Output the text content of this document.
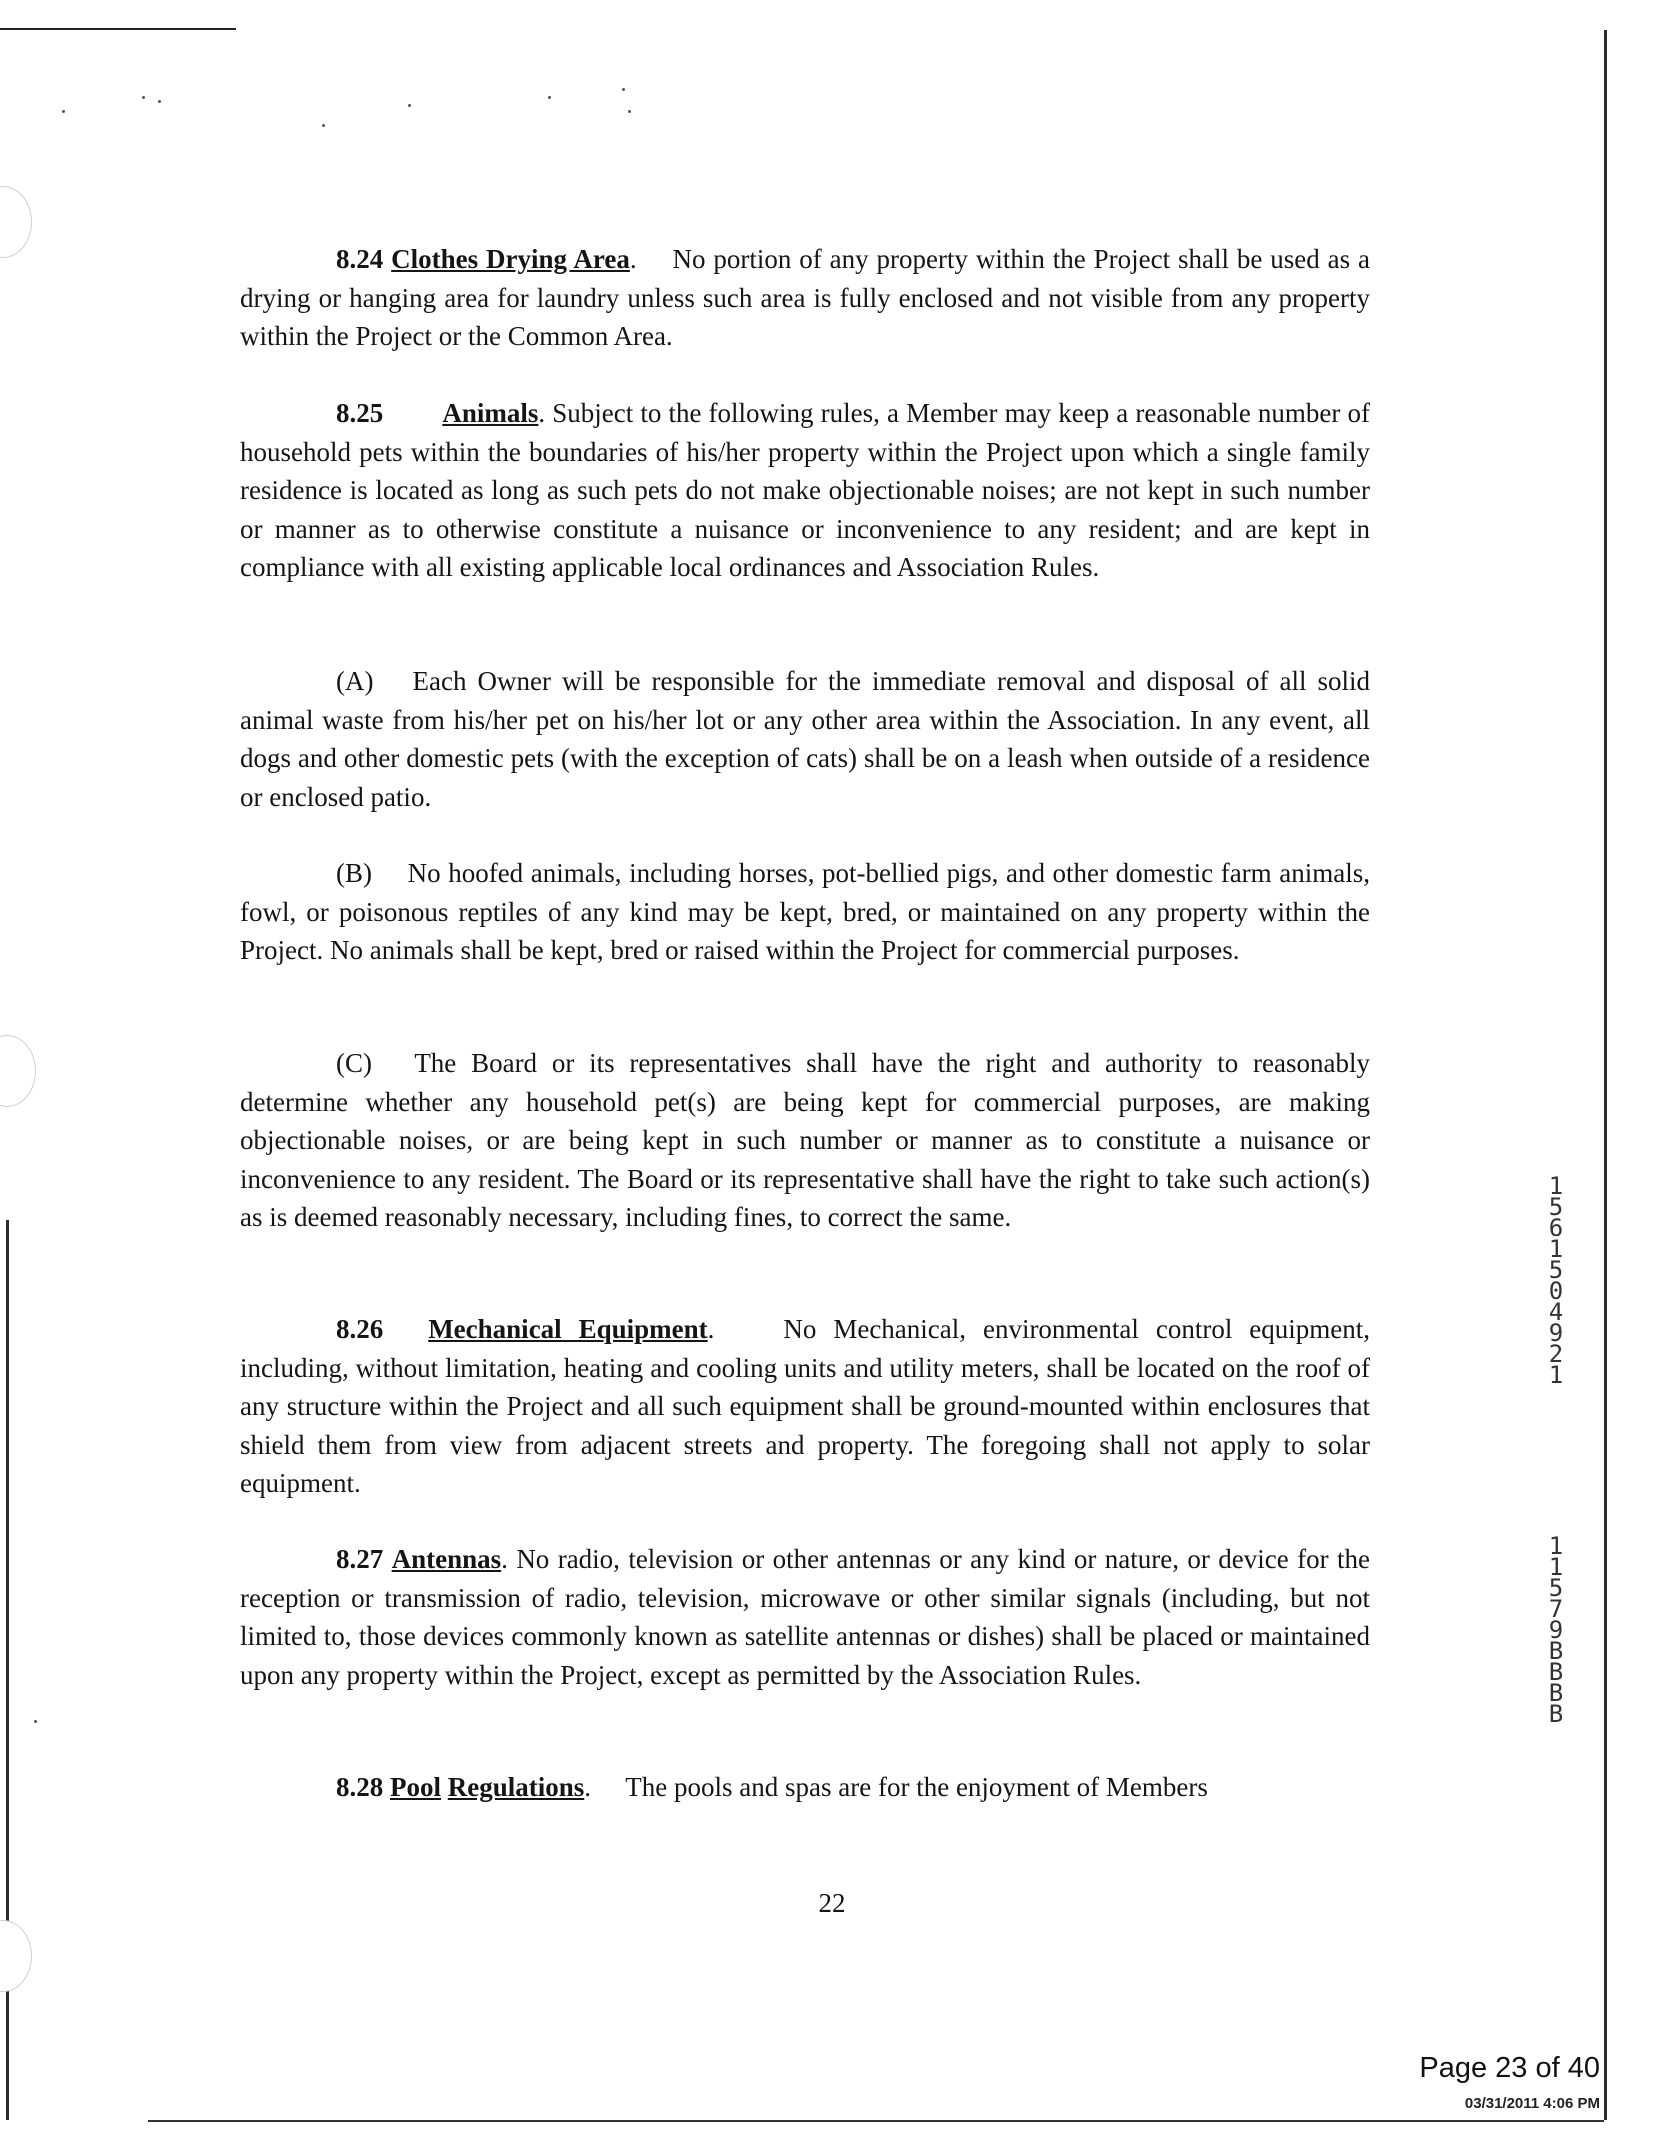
8.24 Clothes Drying Area. No portion of any property within the Project shall be used as a drying or hanging area for laundry unless such area is fully enclosed and not visible from any property within the Project or the Common Area.
8.25 Animals. Subject to the following rules, a Member may keep a reasonable number of household pets within the boundaries of his/her property within the Project upon which a single family residence is located as long as such pets do not make objectionable noises; are not kept in such number or manner as to otherwise constitute a nuisance or inconvenience to any resident; and are kept in compliance with all existing applicable local ordinances and Association Rules.
(A) Each Owner will be responsible for the immediate removal and disposal of all solid animal waste from his/her pet on his/her lot or any other area within the Association. In any event, all dogs and other domestic pets (with the exception of cats) shall be on a leash when outside of a residence or enclosed patio.
(B) No hoofed animals, including horses, pot-bellied pigs, and other domestic farm animals, fowl, or poisonous reptiles of any kind may be kept, bred, or maintained on any property within the Project. No animals shall be kept, bred or raised within the Project for commercial purposes.
(C) The Board or its representatives shall have the right and authority to reasonably determine whether any household pet(s) are being kept for commercial purposes, are making objectionable noises, or are being kept in such number or manner as to constitute a nuisance or inconvenience to any resident. The Board or its representative shall have the right to take such action(s) as is deemed reasonably necessary, including fines, to correct the same.
8.26 Mechanical Equipment.	No Mechanical, environmental control equipment, including, without limitation, heating and cooling units and utility meters, shall be located on the roof of any structure within the Project and all such equipment shall be ground-mounted within enclosures that shield them from view from adjacent streets and property. The foregoing shall not apply to solar equipment.
8.27 Antennas. No radio, television or other antennas or any kind or nature, or device for the reception or transmission of radio, television, microwave or other similar signals (including, but not limited to, those devices commonly known as satellite antennas or dishes) shall be placed or maintained upon any property within the Project, except as permitted by the Association Rules.
8.28 Pool Regulations. The pools and spas are for the enjoyment of Members
22
1
5
6
1
5
0
4
9
2
1
1
1
5
7
9
B
B
B
B
Page 23 of 40
03/31/2011 4:06 PM
